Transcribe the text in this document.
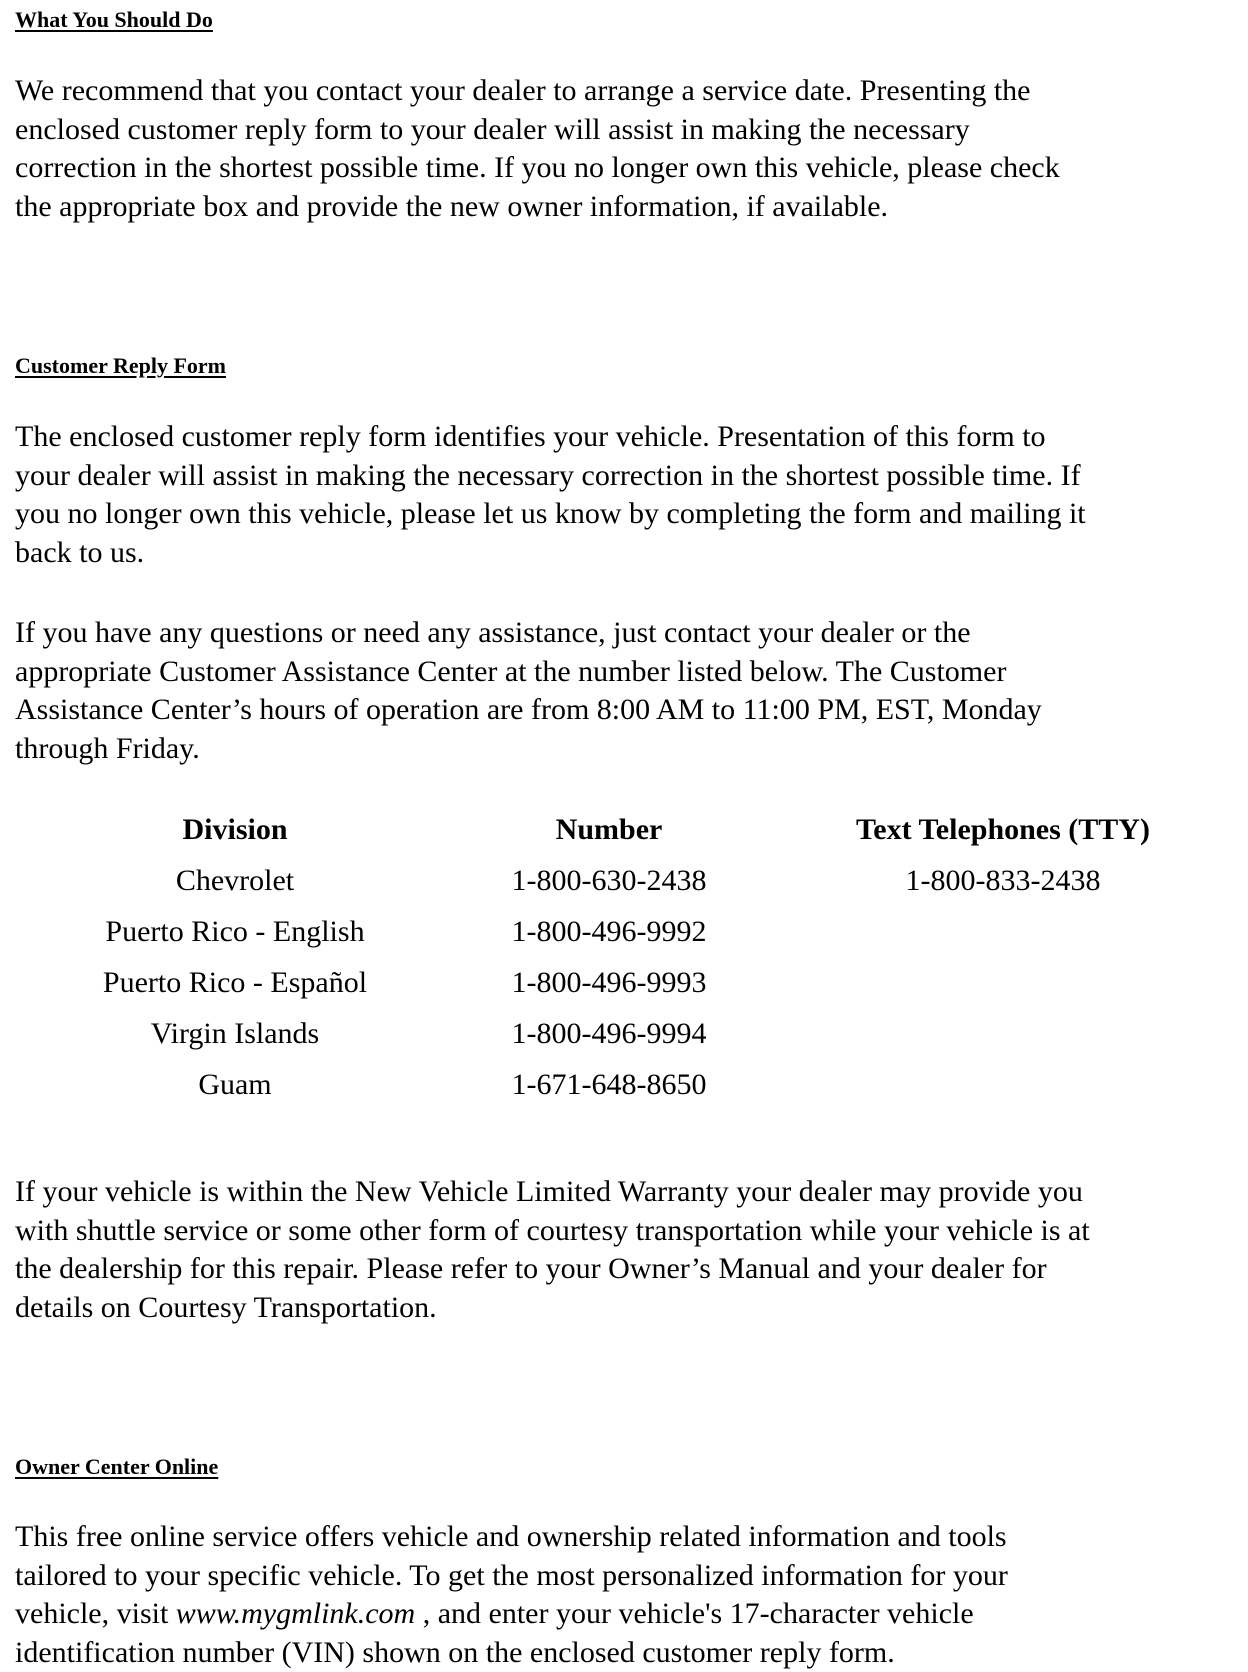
What You Should Do

We recommend that you contact your dealer to arrange a service date. Presenting the
enclosed customer reply form to your dealer will assist in making the necessary
correction in the shortest possible time. If you no longer own this vehicle, please check
the appropriate box and provide the new owner information, if available.

Customer Reply Form

The enclosed customer reply form identifies your vehicle. Presentation of this form to
your dealer will assist in making the necessary correction in the shortest possible time. If
you no longer own this vehicle, please let us know by completing the form and mailing it
back to us.

If you have any questions or need any assistance, just contact your dealer or the
appropriate Customer Assistance Center at the number listed below. The Customer
Assistance Center’s hours of operation are from 8:00 AM to 11:00 PM, EST, Monday
through Friday.

Division	Number	Text Telephones (TTY)
Chevrolet	1-800-630-2438	1-800-833-2438
Puerto Rico - English	1-800-496-9992
Puerto Rico - Español	1-800-496-9993
Virgin Islands	1-800-496-9994
Guam	1-671-648-8650

If your vehicle is within the New Vehicle Limited Warranty your dealer may provide you
with shuttle service or some other form of courtesy transportation while your vehicle is at
the dealership for this repair. Please refer to your Owner’s Manual and your dealer for
details on Courtesy Transportation.

Owner Center Online

This free online service offers vehicle and ownership related information and tools
tailored to your specific vehicle. To get the most personalized information for your
vehicle, visit www.mygmlink.com , and enter your vehicle's 17-character vehicle
identification number (VIN) shown on the enclosed customer reply form.
